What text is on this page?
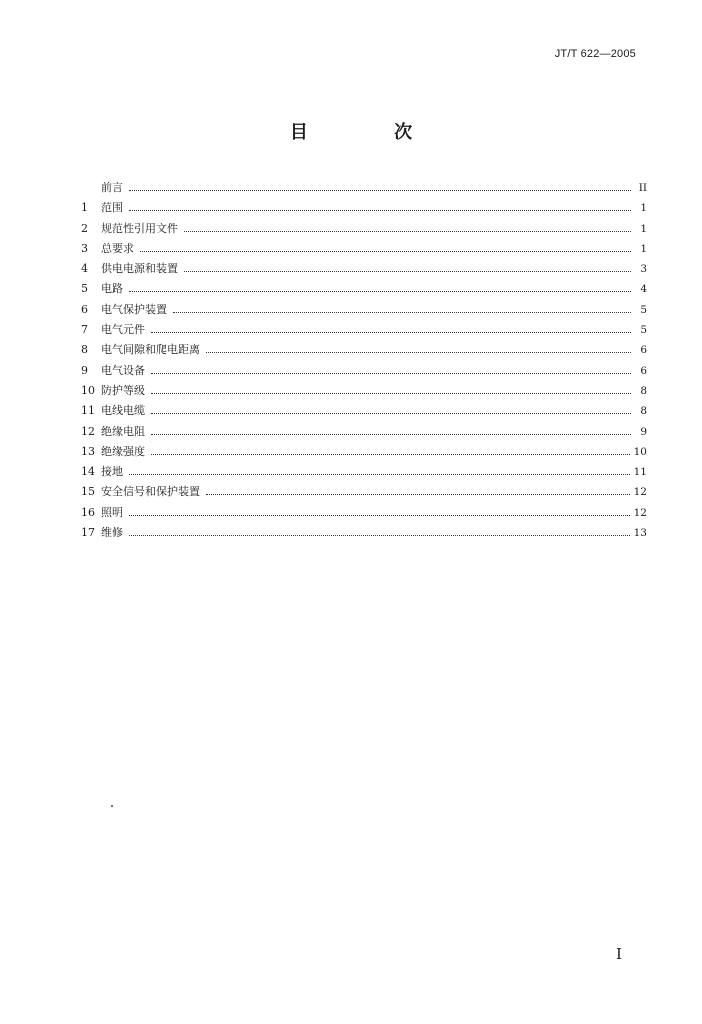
JT/T 622—2005
目 次
前言	II
1	范围	1
2	规范性引用文件	1
3	总要求	1
4	供电电源和装置	3
5	电路	4
6	电气保护装置	5
7	电气元件	5
8	电气间隙和爬电距离	6
9	电气设备	6
10 防护等级	8
11 电线电缆	8
12 绝缘电阻	9
13 绝缘强度	10
14 接地	11
15 安全信号和保护装置	12
16 照明	12
17 维修	13
I
